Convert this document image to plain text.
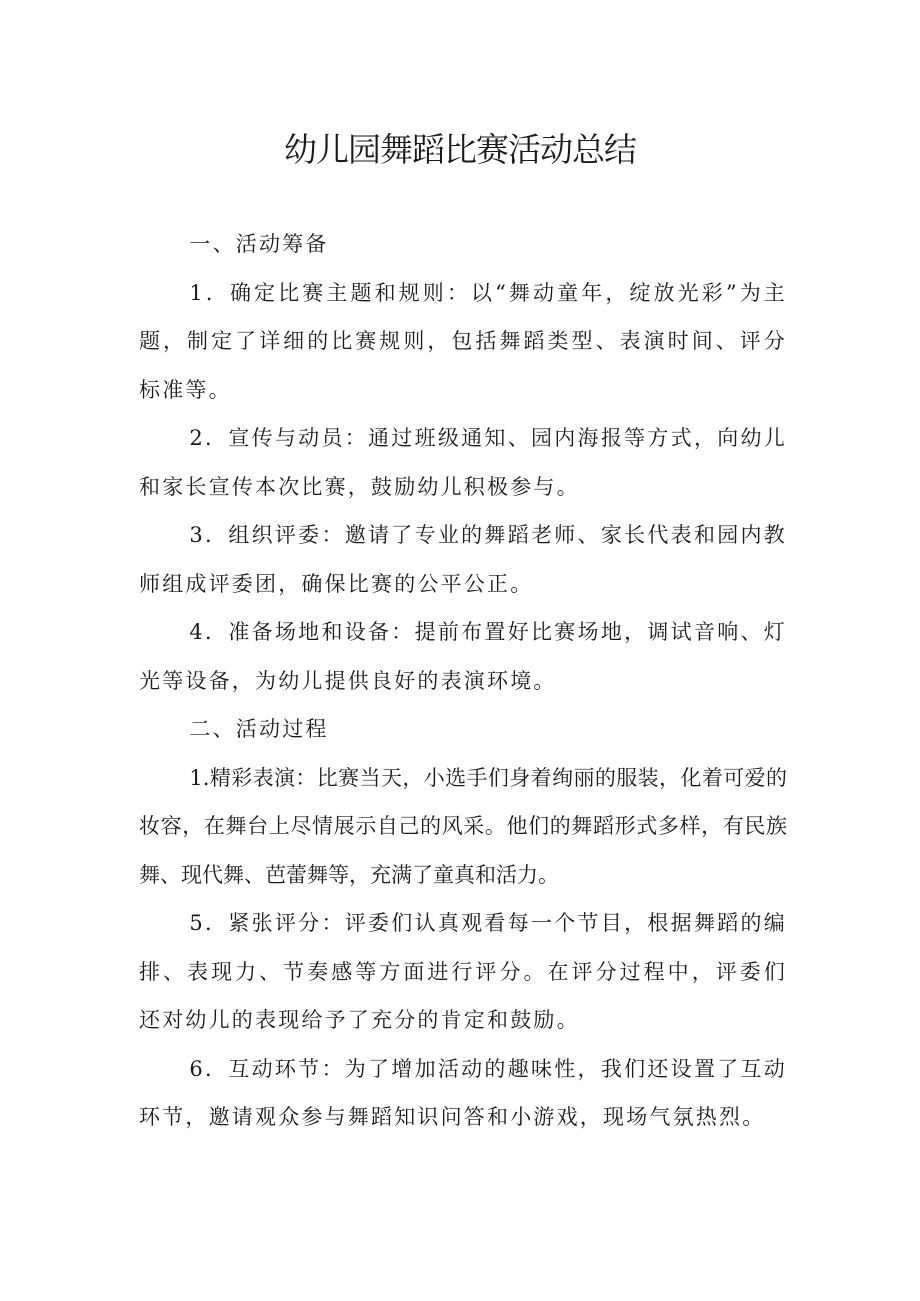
幼儿园舞蹈比赛活动总结

一、活动筹备

1．确定比赛主题和规则：以“舞动童年，绽放光彩”为主题，制定了详细的比赛规则，包括舞蹈类型、表演时间、评分标准等。

2．宣传与动员：通过班级通知、园内海报等方式，向幼儿和家长宣传本次比赛，鼓励幼儿积极参与。

3．组织评委：邀请了专业的舞蹈老师、家长代表和园内教师组成评委团，确保比赛的公平公正。

4．准备场地和设备：提前布置好比赛场地，调试音响、灯光等设备，为幼儿提供良好的表演环境。

二、活动过程

1.精彩表演：比赛当天，小选手们身着绚丽的服装，化着可爱的妆容，在舞台上尽情展示自己的风采。他们的舞蹈形式多样，有民族舞、现代舞、芭蕾舞等，充满了童真和活力。

5．紧张评分：评委们认真观看每一个节目，根据舞蹈的编排、表现力、节奏感等方面进行评分。在评分过程中，评委们还对幼儿的表现给予了充分的肯定和鼓励。

6．互动环节：为了增加活动的趣味性，我们还设置了互动环节，邀请观众参与舞蹈知识问答和小游戏，现场气氛热烈。
